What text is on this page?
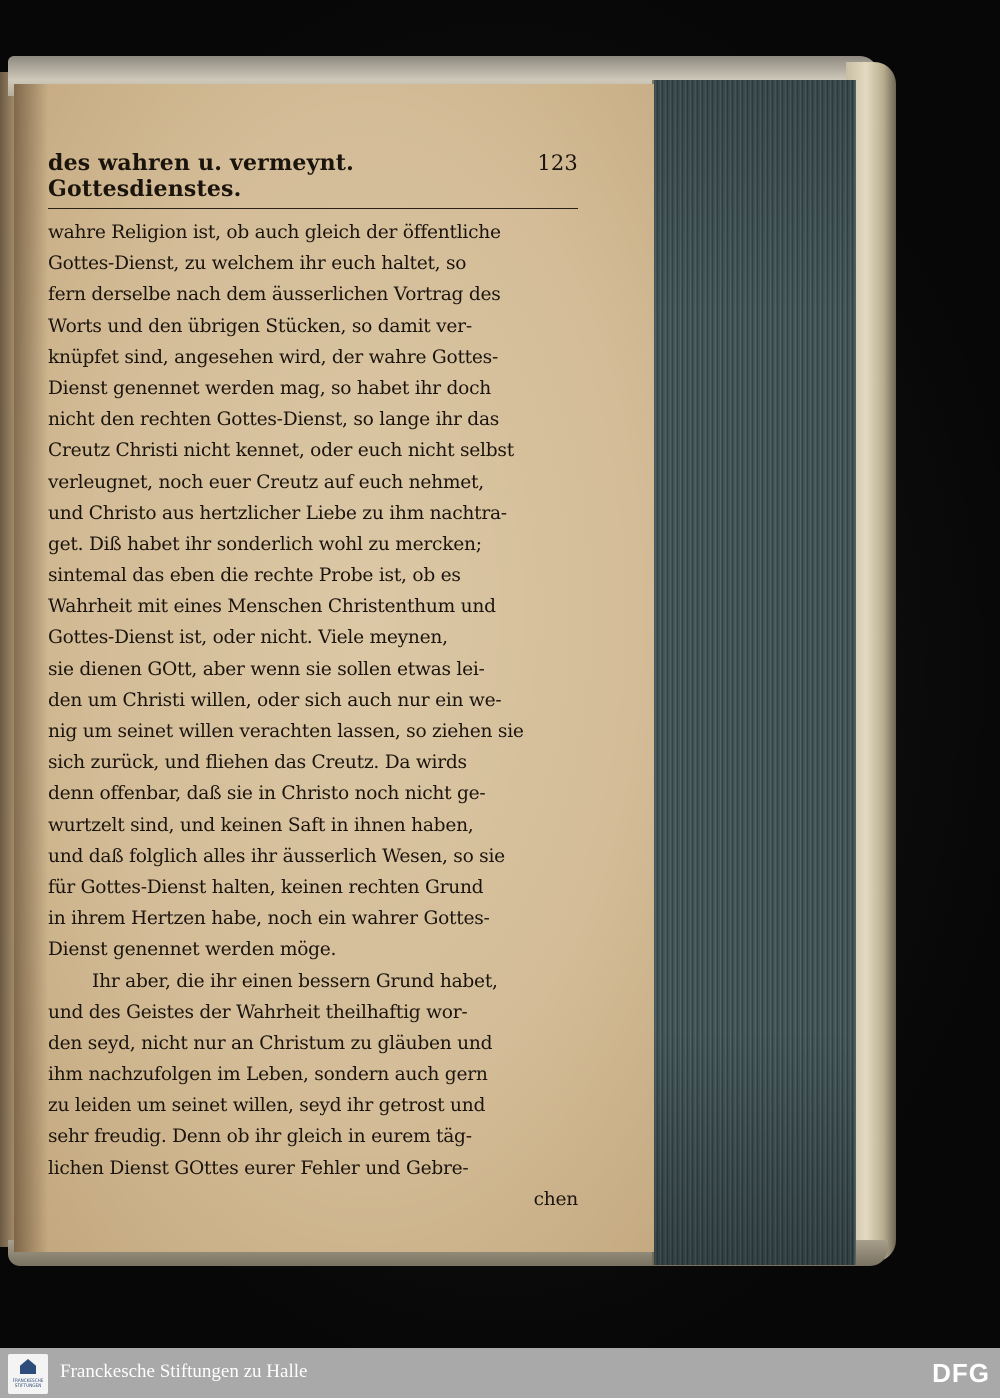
des wahren u. vermeynt. Gottesdienstes.
123
wahre Religion ist, ob auch gleich der öffentliche
Gottes-Dienst, zu welchem ihr euch haltet, so
fern derselbe nach dem äusserlichen Vortrag des
Worts und den übrigen Stücken, so damit ver-
knüpfet sind, angesehen wird, der wahre Gottes-
Dienst genennet werden mag, so habet ihr doch
nicht den rechten Gottes-Dienst, so lange ihr das
Creutz Christi nicht kennet, oder euch nicht selbst
verleugnet, noch euer Creutz auf euch nehmet,
und Christo aus hertzlicher Liebe zu ihm nachtra-
get. Diß habet ihr sonderlich wohl zu mercken;
sintemal das eben die rechte Probe ist, ob es
Wahrheit mit eines Menschen Christenthum und
Gottes-Dienst ist, oder nicht. Viele meynen,
sie dienen GOtt, aber wenn sie sollen etwas lei-
den um Christi willen, oder sich auch nur ein we-
nig um seinet willen verachten lassen, so ziehen sie
sich zurück, und fliehen das Creutz. Da wirds
denn offenbar, daß sie in Christo noch nicht ge-
wurtzelt sind, und keinen Saft in ihnen haben,
und daß folglich alles ihr äusserlich Wesen, so sie
für Gottes-Dienst halten, keinen rechten Grund
in ihrem Hertzen habe, noch ein wahrer Gottes-
Dienst genennet werden möge.
Ihr aber, die ihr einen bessern Grund habet,
und des Geistes der Wahrheit theilhaftig wor-
den seyd, nicht nur an Christum zu gläuben und
ihm nachzufolgen im Leben, sondern auch gern
zu leiden um seinet willen, seyd ihr getrost und
sehr freudig. Denn ob ihr gleich in eurem täg-
lichen Dienst GOttes eurer Fehler und Gebre-
chen
FRANCKESCHE STIFTUNGEN
Franckesche Stiftungen zu Halle	DFG
